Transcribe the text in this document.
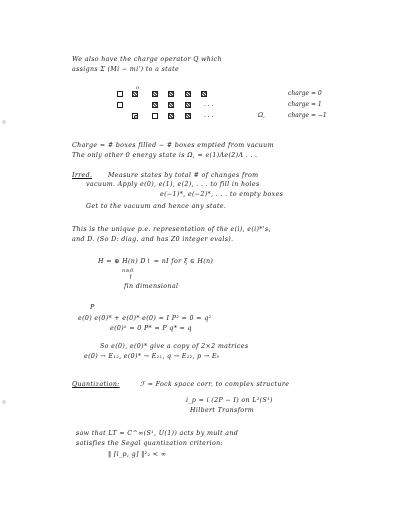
We also have the charge operator Q which
assigns Σ (Mi − mi') to a state
o
charge = 0
. . .	charge = 1
. . .	Ω,	charge = −1
Charge = # boxes filled − # boxes emptied from vacuum
The only other 0 energy state is Ω, = e(1)Λe(2)Λ . . .
Irred. Measure states by total # of changes from
vacuum. Apply e(0), e(1), e(2), . . . to fill in holes
e(−1)*, e(−2)*, . . . to empty boxes
Get to the vacuum and hence any state.
This is the unique p.e. representation of the e(i), e(i)*'s,
and D. (So D: diag. and has Z0 integer evals).
H = ⊕ H(n) D↾ = nI for ξ ∈ H(n)
n≥0
↑
fin dimensional
P
e(0) e(0)* + e(0)* e(0) = I P² = 0 = q²
e(0)² = 0 P* = P q* = q
So e(0), e(0)* give a copy of 2×2 matrices
e(0) → E₁₂, e(0)* → E₂₁, q → E₂₂, p → E₀
Quantization:	ℱ = Fock space corr. to complex structure
i_p = i (2P − I) on L²(S¹)
Hilbert Transform
saw that LT = C^∞(S¹, U(1)) acts by mult and
satisfies the Segal quantization criterion:
‖ [i_p, g] ‖²₂ < ∞
